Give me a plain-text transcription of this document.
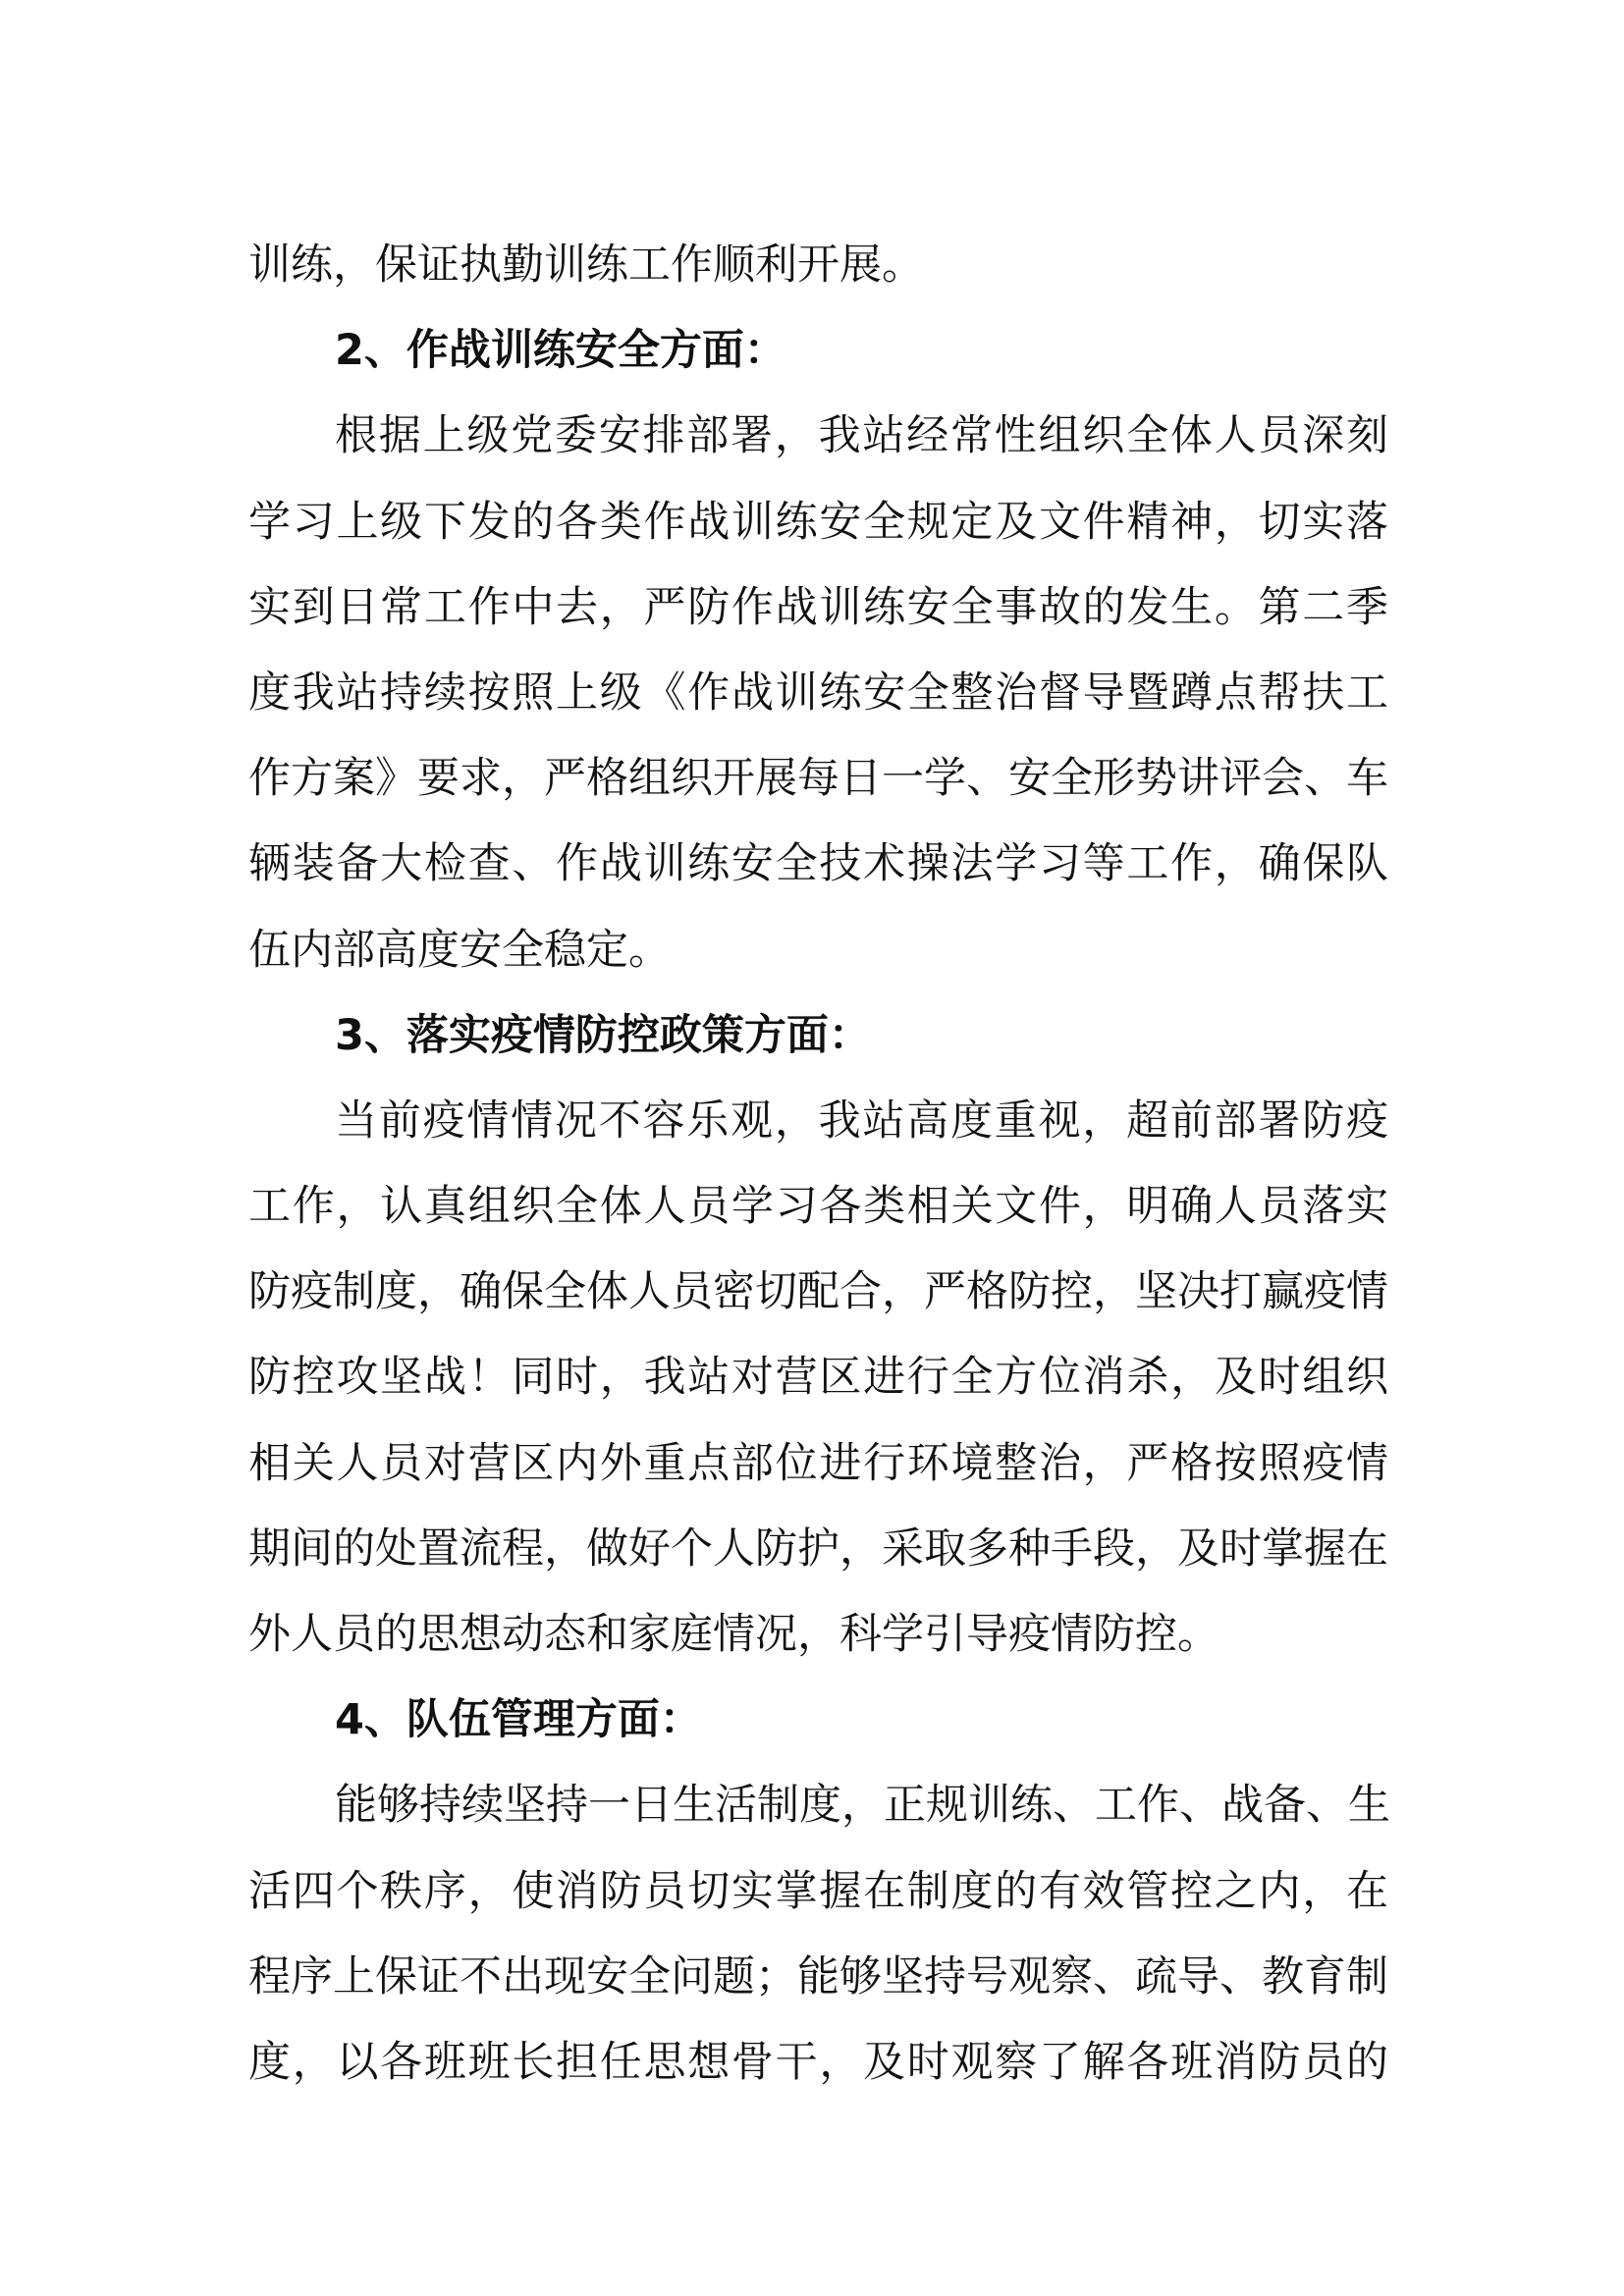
训练，保证执勤训练工作顺利开展。
2、作战训练安全方面：
根据上级党委安排部署，我站经常性组织全体人员深刻
学习上级下发的各类作战训练安全规定及文件精神，切实落
实到日常工作中去，严防作战训练安全事故的发生。第二季
度我站持续按照上级《作战训练安全整治督导暨蹲点帮扶工
作方案》要求，严格组织开展每日一学、安全形势讲评会、车
辆装备大检查、作战训练安全技术操法学习等工作，确保队
伍内部高度安全稳定。
3、落实疫情防控政策方面：
当前疫情情况不容乐观，我站高度重视，超前部署防疫
工作，认真组织全体人员学习各类相关文件，明确人员落实
防疫制度，确保全体人员密切配合，严格防控，坚决打赢疫情
防控攻坚战！同时，我站对营区进行全方位消杀，及时组织
相关人员对营区内外重点部位进行环境整治，严格按照疫情
期间的处置流程，做好个人防护，采取多种手段，及时掌握在
外人员的思想动态和家庭情况，科学引导疫情防控。
4、队伍管理方面：
能够持续坚持一日生活制度，正规训练、工作、战备、生
活四个秩序，使消防员切实掌握在制度的有效管控之内，在
程序上保证不出现安全问题；能够坚持号观察、疏导、教育制
度，以各班班长担任思想骨干，及时观察了解各班消防员的
